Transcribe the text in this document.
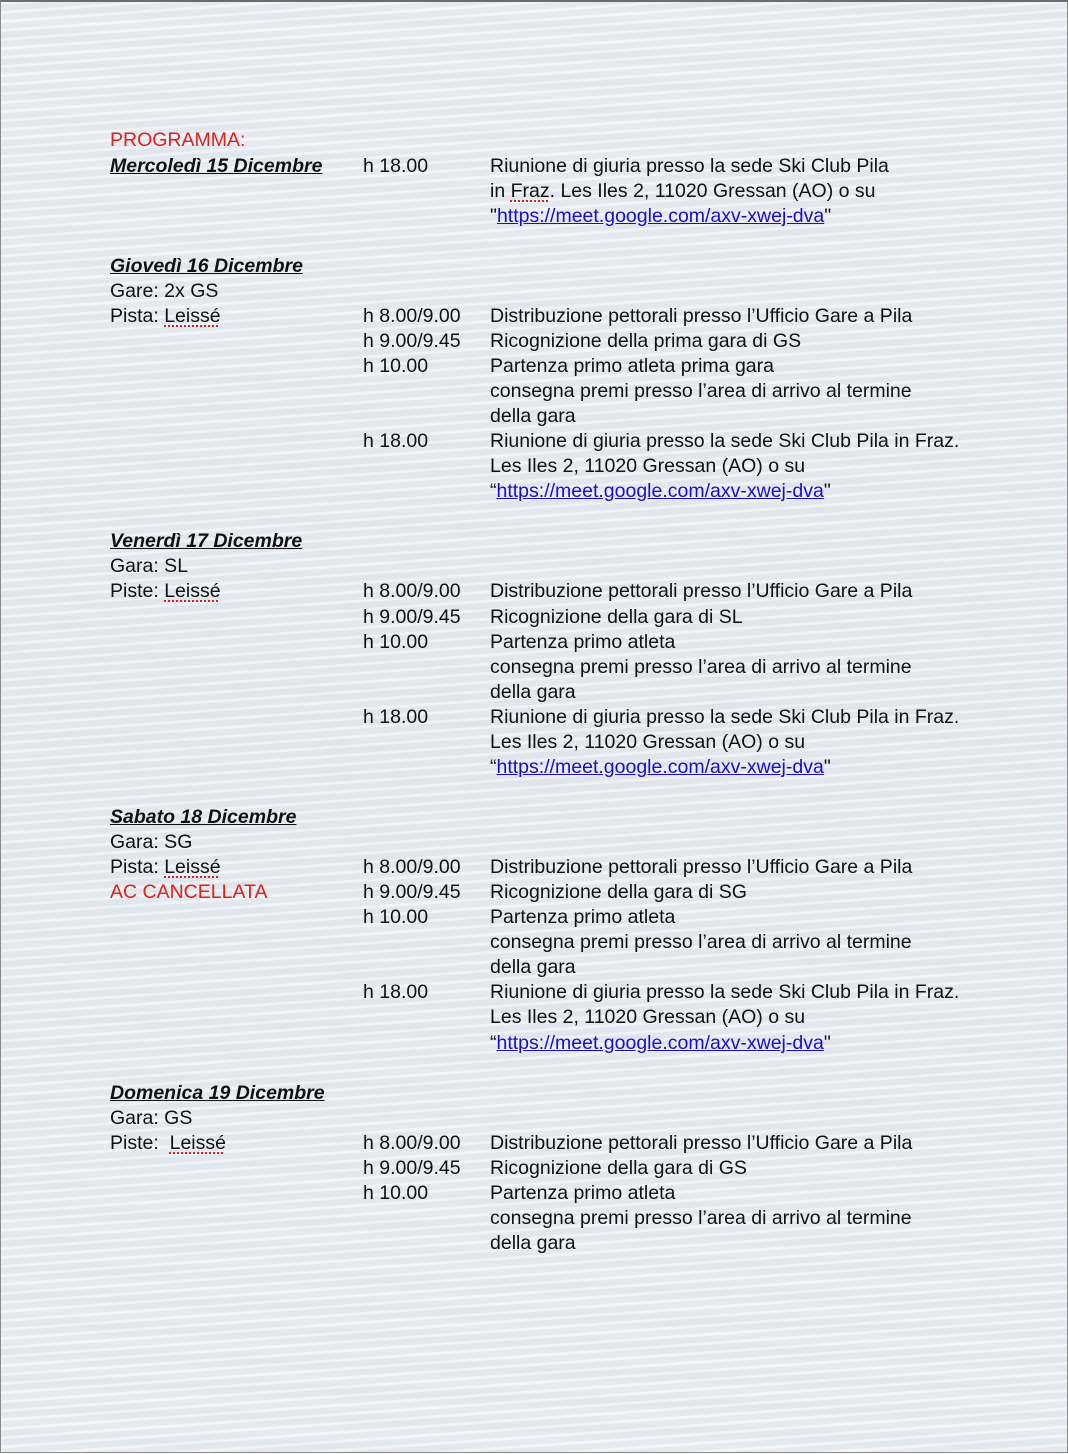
PROGRAMMA:
Mercoledì 15 Dicembre h 18.00	Riunione di giuria presso la sede Ski Club Pila
in Fraz. Les Iles 2, 11020 Gressan (AO) o su
"https://meet.google.com/axv-xwej-dva"
Giovedì 16 Dicembre
Gare: 2x GS
Pista: Leissé	h 8.00/9.00 Distribuzione pettorali presso l’Ufficio Gare a Pila
h 9.00/9.45 Ricognizione della prima gara di GS
h 10.00	Partenza primo atleta prima gara
consegna premi presso l’area di arrivo al termine
della gara
h 18.00	Riunione di giuria presso la sede Ski Club Pila in Fraz.
Les Iles 2, 11020 Gressan (AO) o su
“https://meet.google.com/axv-xwej-dva"
Venerdì 17 Dicembre
Gara: SL
Piste: Leissé	h 8.00/9.00 Distribuzione pettorali presso l’Ufficio Gare a Pila
h 9.00/9.45 Ricognizione della gara di SL
h 10.00	Partenza primo atleta
consegna premi presso l’area di arrivo al termine
della gara
h 18.00	Riunione di giuria presso la sede Ski Club Pila in Fraz.
Les Iles 2, 11020 Gressan (AO) o su
“https://meet.google.com/axv-xwej-dva"
Sabato 18 Dicembre
Gara: SG
Pista: Leissé
AC CANCELLATA
h 8.00/9.00 Distribuzione pettorali presso l’Ufficio Gare a Pila
h 9.00/9.45 Ricognizione della gara di SG
h 10.00	Partenza primo atleta
consegna premi presso l’area di arrivo al termine
della gara
h 18.00	Riunione di giuria presso la sede Ski Club Pila in Fraz.
Les Iles 2, 11020 Gressan (AO) o su
“https://meet.google.com/axv-xwej-dva"
Domenica 19 Dicembre
Gara: GS
Piste:  Leissé	h 8.00/9.00 Distribuzione pettorali presso l’Ufficio Gare a Pila
h 9.00/9.45 Ricognizione della gara di GS
h 10.00	Partenza primo atleta
consegna premi presso l’area di arrivo al termine
della gara
